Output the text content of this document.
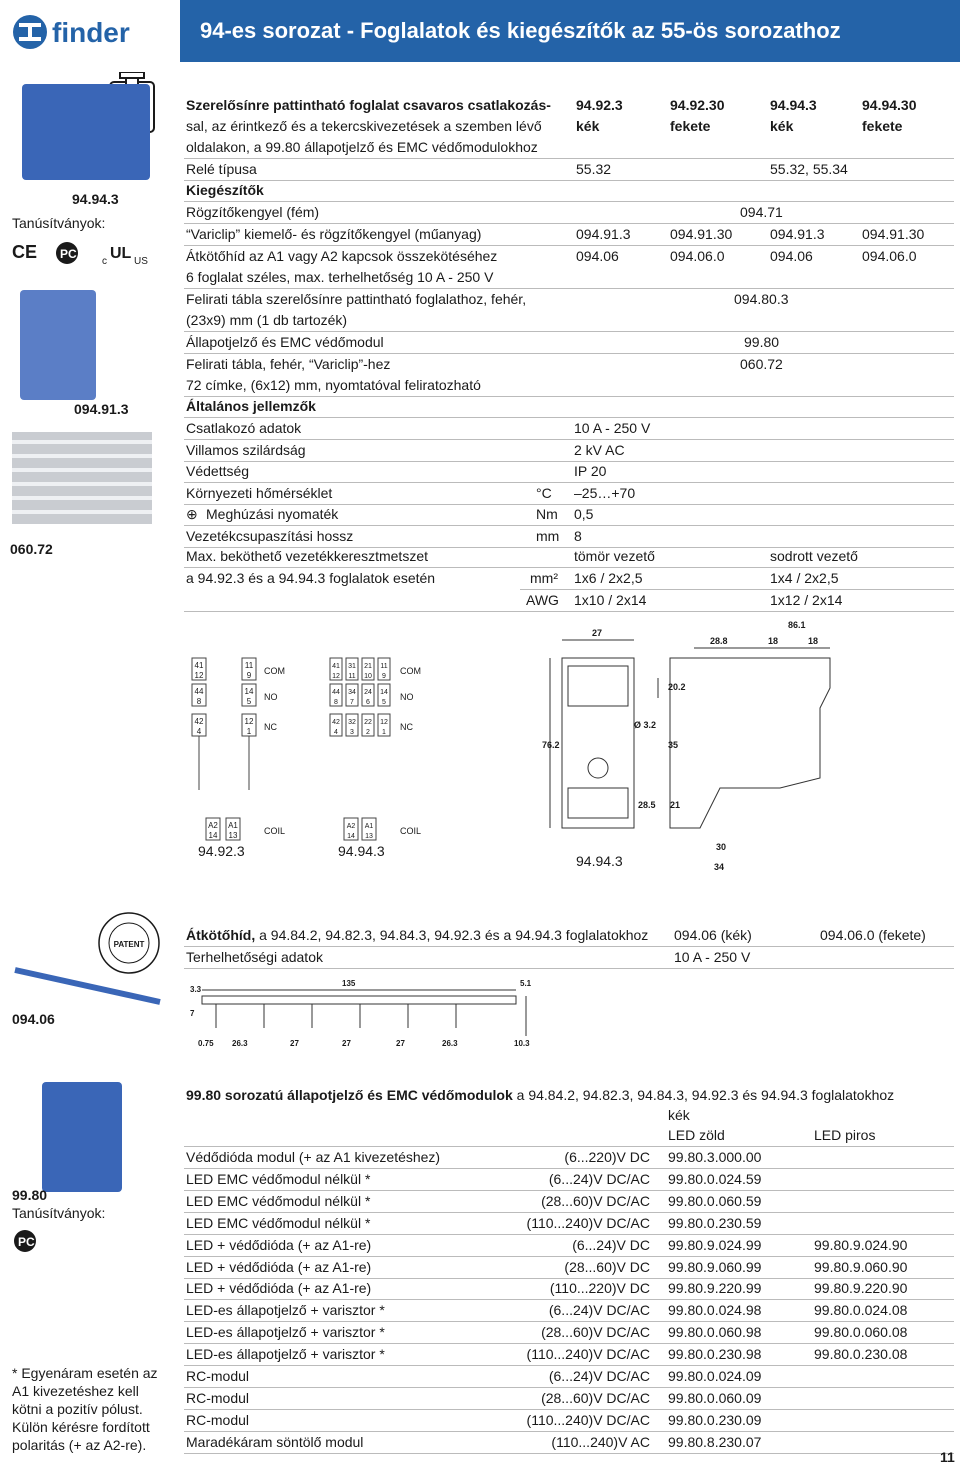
finder	94-es sorozat - Foglalatok és kiegészítők az 55-ös sorozathoz
94.94.3
Tanúsítványok:
CE PC
c UL US
094.91.3
060.72
PATENT
094.06
99.80
Tanúsítványok:
PC
* Egyenáram esetén az
A1 kivezetéshez kell
kötni a pozitív pólust.
Külön kérésre fordított
polaritás (+ az A2-re).
Szerelősínre pattintható foglalat csavaros csatlakozás-
sal, az érintkező és a tekercskivezetések a szemben lévő
oldalakon, a 99.80 állapotjelző és EMC védőmodulokhoz
94.92.3	94.92.30	94.94.3	94.94.30
kék	fekete	kék	fekete
Relé típusa	55.32	55.32, 55.34
Kiegészítők
Rögzítőkengyel (fém)	094.71
“Variclip” kiemelő- és rögzítőkengyel (műanyag)	094.91.3	094.91.30	094.91.3	094.91.30
Átkötőhíd az A1 vagy A2 kapcsok összekötéséhez
6 foglalat széles, max. terhelhetőség 10 A - 250 V
094.06	094.06.0	094.06	094.06.0
Felirati tábla szerelősínre pattintható foglalathoz, fehér,
(23x9) mm (1 db tartozék)
094.80.3
Állapotjelző és EMC védőmodul	99.80
Felirati tábla, fehér, “Variclip”-hez
72 címke, (6x12) mm, nyomtatóval feliratozható
060.72
Általános jellemzők
Csatlakozó adatok	10 A - 250 V
Villamos szilárdság	2 kV AC
Védettség	IP 20
Környezeti hőmérséklet	°C –25…+70
⊕ Meghúzási nyomaték	Nm 0,5
Vezetékcsupaszítási hossz	mm 8
Max. beköthető vezetékkeresztmetszet
a 94.92.3 és a 94.94.3 foglalatok esetén
tömör vezető	sodrott vezető
mm² 1x6 / 2x2,5	1x4 / 2x2,5
AWG 1x10 / 2x14	1x12 / 2x14
41
12
11
9
44
8
14
5
42
4
12
1
A2
14
A1
13
COM
NO
NC
COIL
94.92.3
41
12
31
11
21
10
11
9
44
8
34
7
24
6
14
5
42
4
32
3
22
2
12
1
A2
14
A1
13
COM
NO
NC
COIL
94.94.3
27
28.8	18	18
86.1
20.2
Ø 3.2
76.2	35
28.5 21
30
34
94.94.3
Átkötőhíd, a 94.84.2, 94.82.3, 94.84.3, 94.92.3 és a 94.94.3 foglalatokhoz 094.06 (kék)	094.06.0 (fekete)
Terhelhetőségi adatok	10 A - 250 V
135	5.1
3.3
7
0.75 26.3	27	27	27	26.3	10.3
99.80 sorozatú állapotjelző és EMC védőmodulok a 94.84.2, 94.82.3, 94.84.3, 94.92.3 és 94.94.3 foglalatokhoz
kék
LED zöld	LED piros
Védődióda modul (+ az A1 kivezetéshez)	(6...220)V DC 99.80.3.000.00
LED EMC védőmodul nélkül *	(6...24)V DC/AC 99.80.0.024.59
LED EMC védőmodul nélkül *	(28...60)V DC/AC 99.80.0.060.59
LED EMC védőmodul nélkül *	(110...240)V DC/AC 99.80.0.230.59
LED + védődióda (+ az A1-re)	(6...24)V DC 99.80.9.024.99	99.80.9.024.90
LED + védődióda (+ az A1-re)	(28...60)V DC 99.80.9.060.99	99.80.9.060.90
LED + védődióda (+ az A1-re)	(110...220)V DC 99.80.9.220.99	99.80.9.220.90
LED-es állapotjelző + varisztor *	(6...24)V DC/AC 99.80.0.024.98	99.80.0.024.08
LED-es állapotjelző + varisztor *	(28...60)V DC/AC 99.80.0.060.98	99.80.0.060.08
LED-es állapotjelző + varisztor *	(110...240)V DC/AC 99.80.0.230.98	99.80.0.230.08
RC-modul	(6...24)V DC/AC 99.80.0.024.09
RC-modul	(28...60)V DC/AC 99.80.0.060.09
RC-modul	(110...240)V DC/AC 99.80.0.230.09
Maradékáram söntölő modul	(110...240)V AC 99.80.8.230.07
11
